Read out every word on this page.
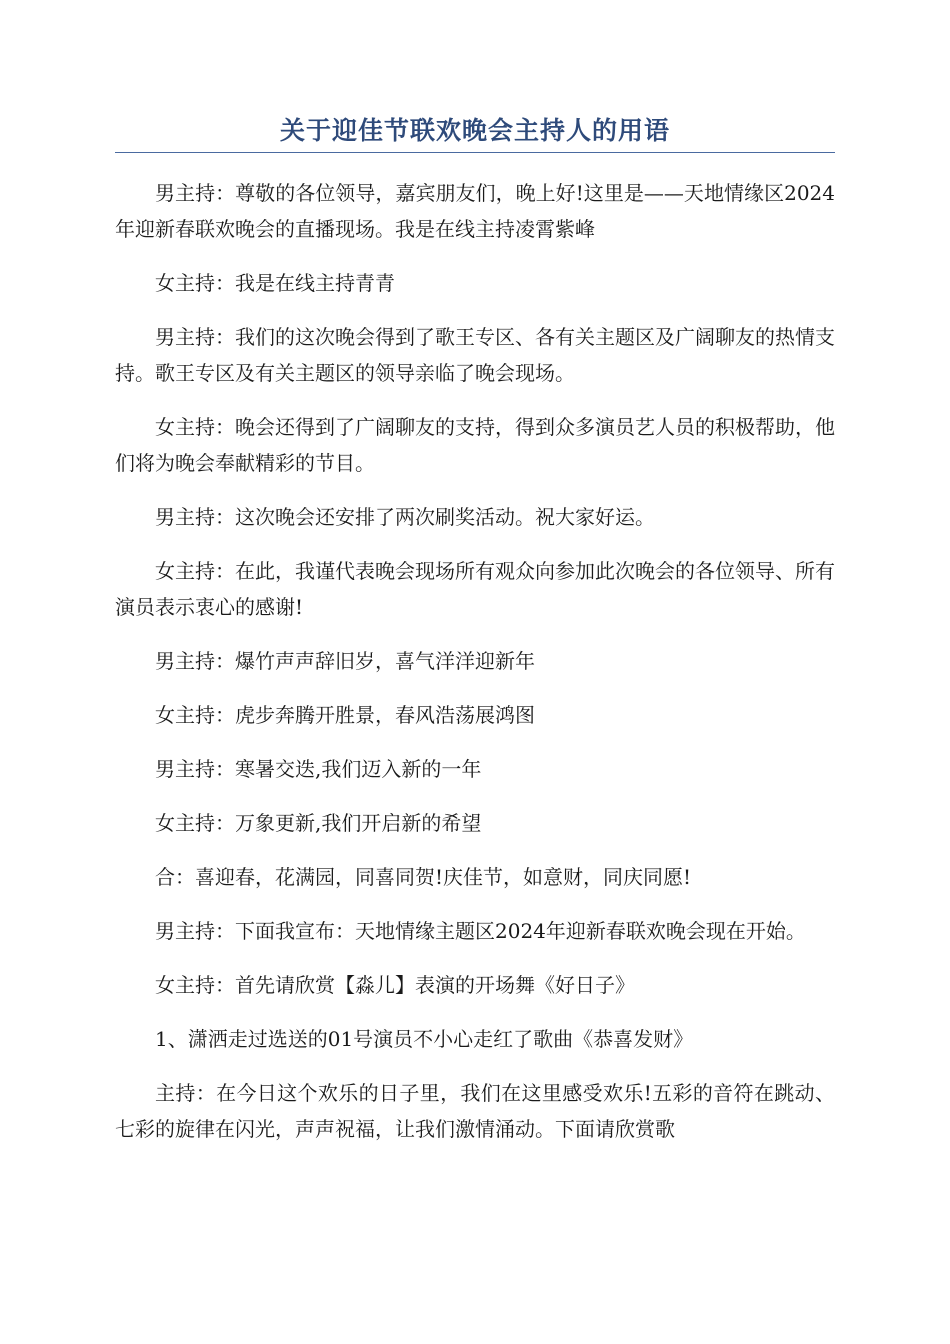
关于迎佳节联欢晚会主持人的用语

男主持：尊敬的各位领导，嘉宾朋友们，晚上好!这里是——天地情缘区2024年迎新春联欢晚会的直播现场。我是在线主持凌霄紫峰

女主持：我是在线主持青青

男主持：我们的这次晚会得到了歌王专区、各有关主题区及广阔聊友的热情支持。歌王专区及有关主题区的领导亲临了晚会现场。

女主持：晚会还得到了广阔聊友的支持，得到众多演员艺人员的积极帮助，他们将为晚会奉献精彩的节目。

男主持：这次晚会还安排了两次刷奖活动。祝大家好运。

女主持：在此，我谨代表晚会现场所有观众向参加此次晚会的各位领导、所有演员表示衷心的感谢!

男主持：爆竹声声辞旧岁，喜气洋洋迎新年

女主持：虎步奔腾开胜景，春风浩荡展鸿图

男主持：寒暑交迭,我们迈入新的一年

女主持：万象更新,我们开启新的希望

合：喜迎春，花满园，同喜同贺!庆佳节，如意财，同庆同愿!

男主持：下面我宣布：天地情缘主题区2024年迎新春联欢晚会现在开始。

女主持：首先请欣赏【淼儿】表演的开场舞《好日子》

1、潇洒走过选送的01号演员不小心走红了歌曲《恭喜发财》

主持：在今日这个欢乐的日子里，我们在这里感受欢乐!五彩的音符在跳动、七彩的旋律在闪光，声声祝福，让我们激情涌动。下面请欣赏歌
